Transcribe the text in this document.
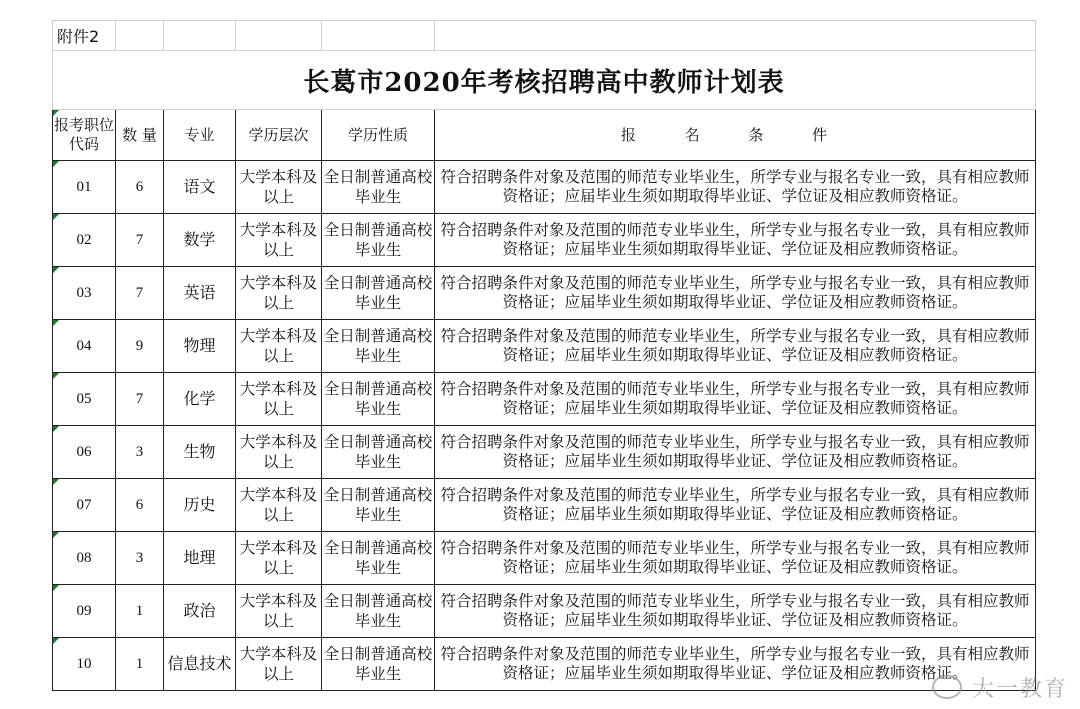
附件2					
长葛市2020年考核招聘高中教师计划表					

报考职位代码	数 量	专业	学历层次	学历性质	报 名 条 件

01	6	语文	大学本科及以上	全日制普通高校毕业生	符合招聘条件对象及范围的师范专业毕业生，所学专业与报名专业一致，具有相应教师资格证；应届毕业生须如期取得毕业证、学位证及相应教师资格证。

02	7	数学	大学本科及以上	全日制普通高校毕业生	符合招聘条件对象及范围的师范专业毕业生，所学专业与报名专业一致，具有相应教师资格证；应届毕业生须如期取得毕业证、学位证及相应教师资格证。

03	7	英语	大学本科及以上	全日制普通高校毕业生	符合招聘条件对象及范围的师范专业毕业生，所学专业与报名专业一致，具有相应教师资格证；应届毕业生须如期取得毕业证、学位证及相应教师资格证。

04	9	物理	大学本科及以上	全日制普通高校毕业生	符合招聘条件对象及范围的师范专业毕业生，所学专业与报名专业一致，具有相应教师资格证；应届毕业生须如期取得毕业证、学位证及相应教师资格证。

05	7	化学	大学本科及以上	全日制普通高校毕业生	符合招聘条件对象及范围的师范专业毕业生，所学专业与报名专业一致，具有相应教师资格证；应届毕业生须如期取得毕业证、学位证及相应教师资格证。

06	3	生物	大学本科及以上	全日制普通高校毕业生	符合招聘条件对象及范围的师范专业毕业生，所学专业与报名专业一致，具有相应教师资格证；应届毕业生须如期取得毕业证、学位证及相应教师资格证。

07	6	历史	大学本科及以上	全日制普通高校毕业生	符合招聘条件对象及范围的师范专业毕业生，所学专业与报名专业一致，具有相应教师资格证；应届毕业生须如期取得毕业证、学位证及相应教师资格证。

08	3	地理	大学本科及以上	全日制普通高校毕业生	符合招聘条件对象及范围的师范专业毕业生，所学专业与报名专业一致，具有相应教师资格证；应届毕业生须如期取得毕业证、学位证及相应教师资格证。

09	1	政治	大学本科及以上	全日制普通高校毕业生	符合招聘条件对象及范围的师范专业毕业生，所学专业与报名专业一致，具有相应教师资格证；应届毕业生须如期取得毕业证、学位证及相应教师资格证。

10	1	信息技术	大学本科及以上	全日制普通高校毕业生	符合招聘条件对象及范围的师范专业毕业生，所学专业与报名专业一致，具有相应教师资格证；应届毕业生须如期取得毕业证、学位证及相应教师资格证。
大一教育
